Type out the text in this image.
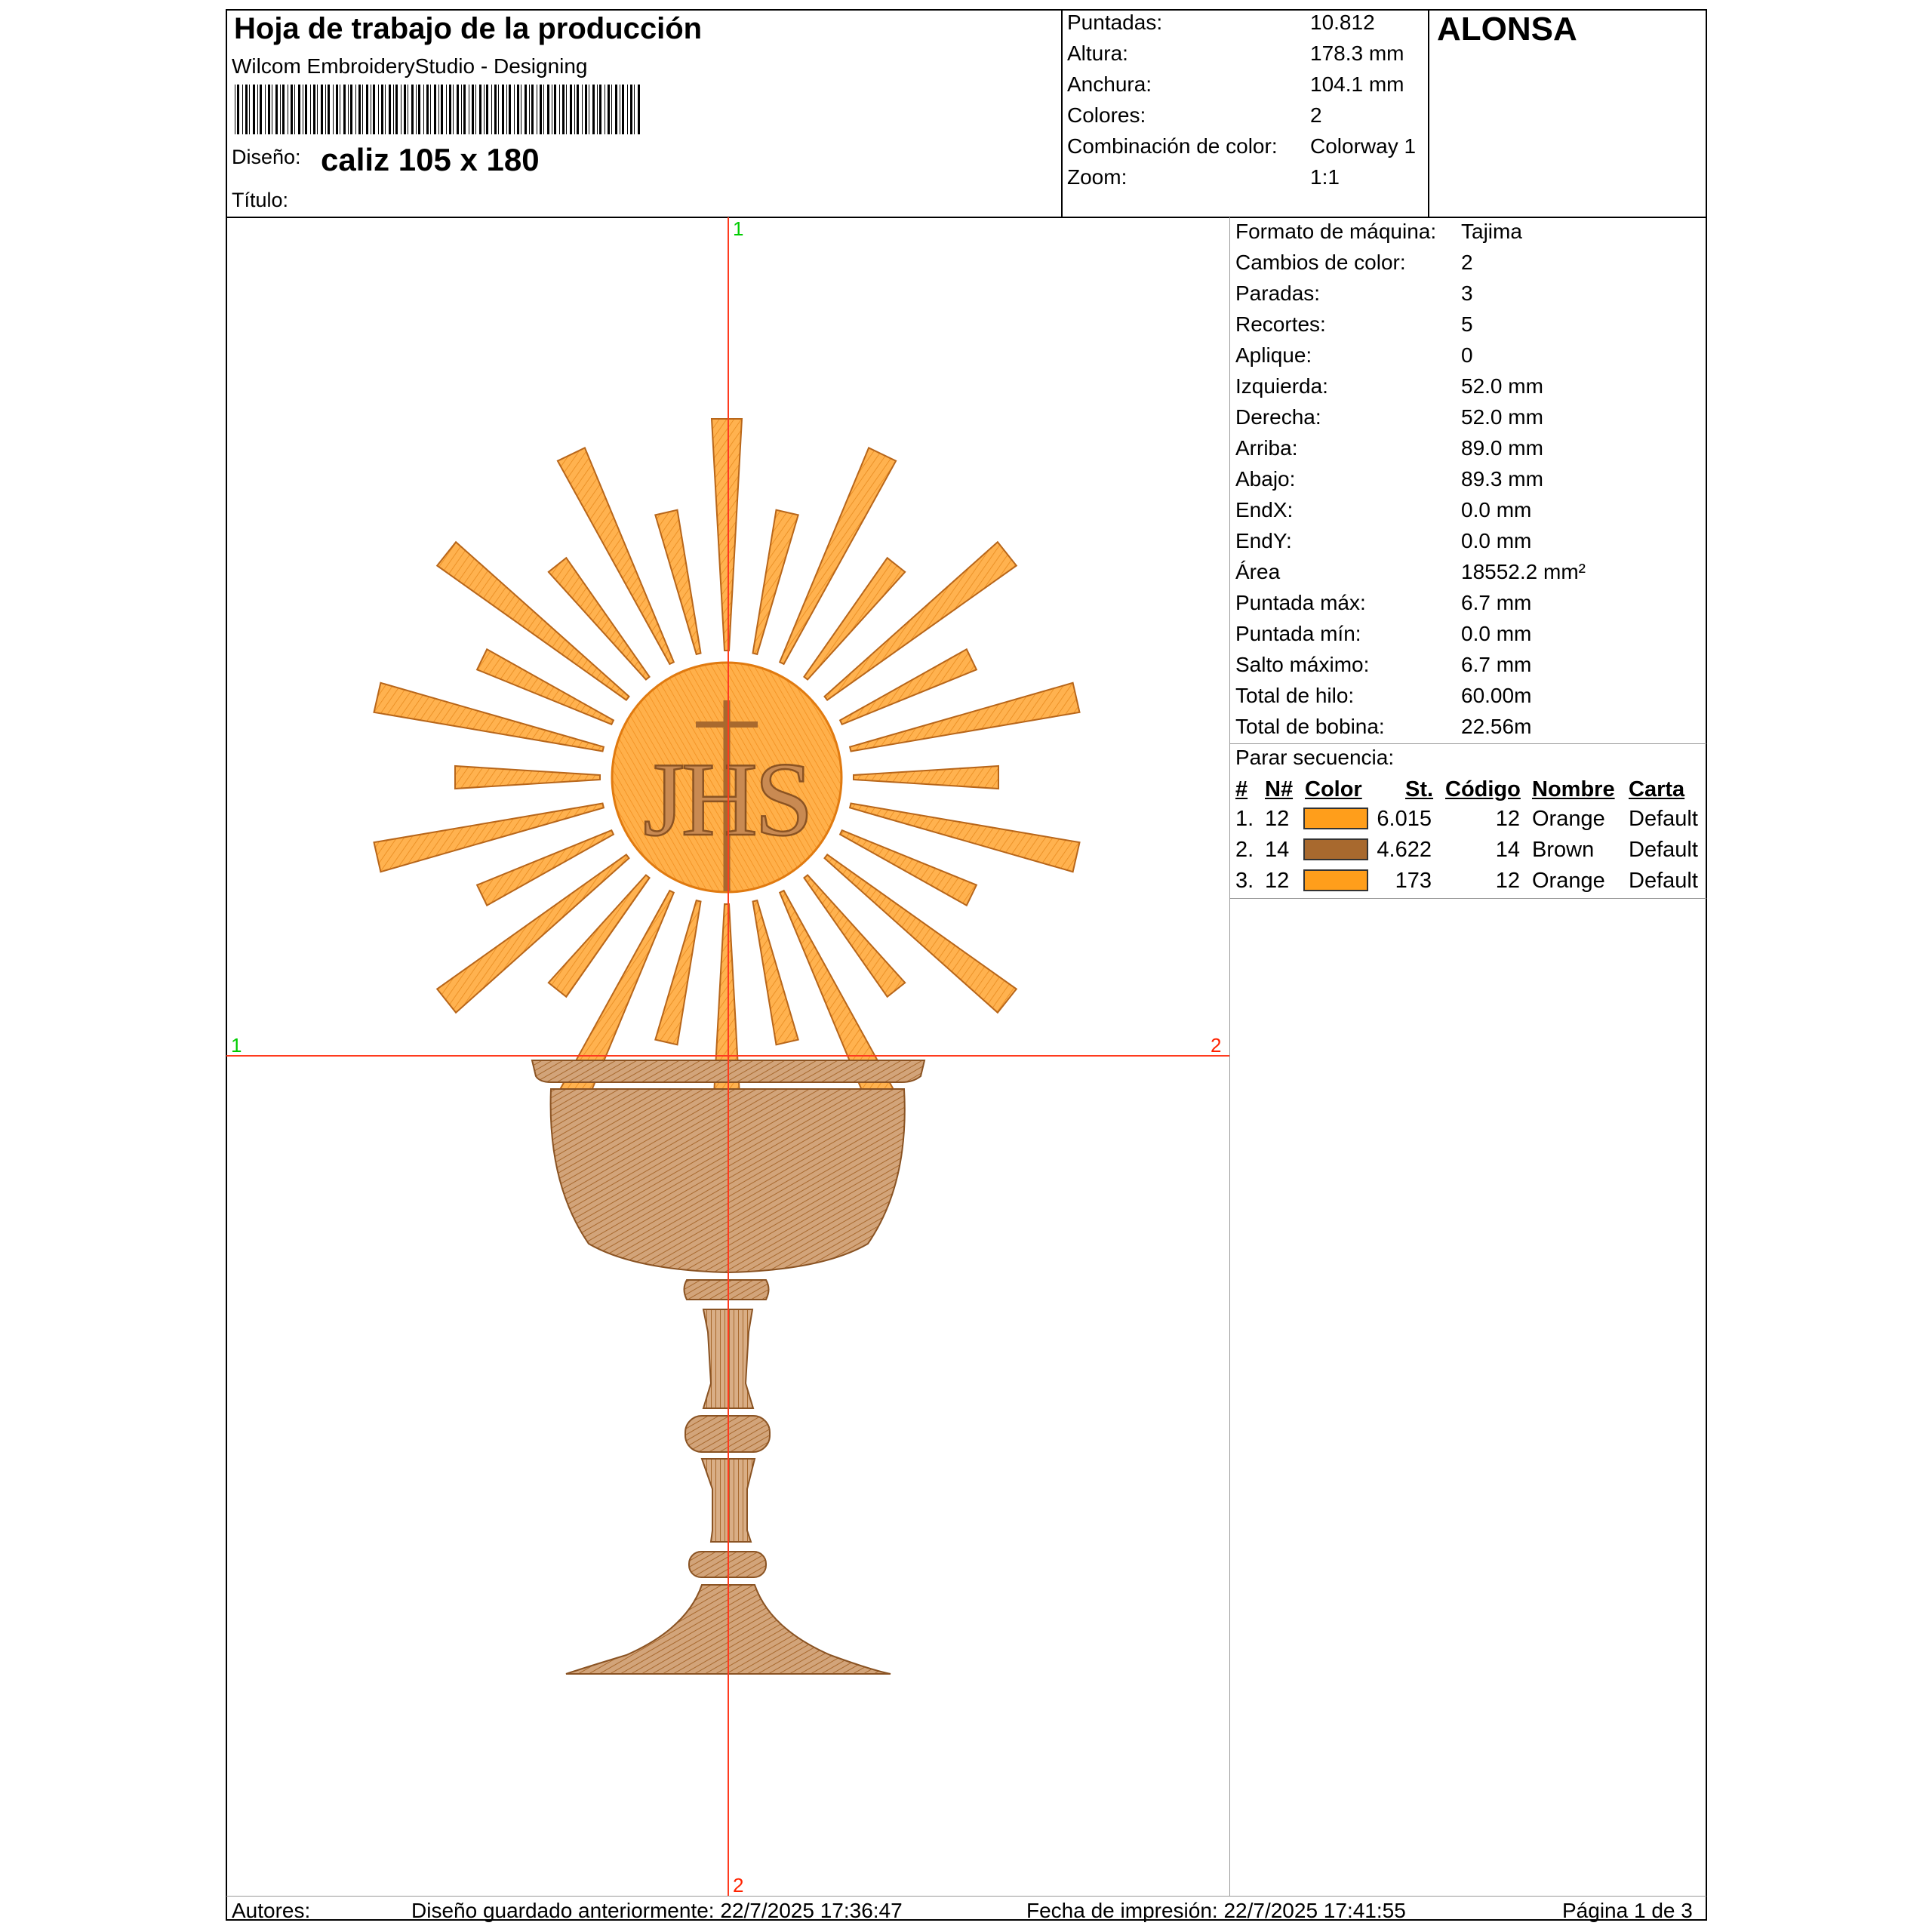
Hoja de trabajo de la producción
Wilcom EmbroideryStudio - Designing
Diseño: caliz 105 x 180
Título:
Puntadas:	10.812
Altura:	178.3 mm
Anchura:	104.1 mm
Colores:	2
Combinación de color: Colorway 1
Zoom:	1:1
ALONSA
Formato de máquina: Tajima
Cambios de color:	2
Paradas:	3
Recortes:	5
Aplique:	0
Izquierda:	52.0 mm
Derecha:	52.0 mm
Arriba:	89.0 mm
Abajo:	89.3 mm
EndX:	0.0 mm
EndY:	0.0 mm
Área	18552.2 mm²
Puntada máx:	6.7 mm
Puntada mín:	0.0 mm
Salto máximo:	6.7 mm
Total de hilo:	60.00m
Total de bobina:	22.56m
Parar secuencia:
# N# Color St. Código Nombre Carta
1. 12	6.015	12 Orange Default
2. 14	4.622	14 Brown Default
3. 12	173	12 Orange Default
JHS
1
1	2
2
Autores:	Diseño guardado anteriormente: 22/7/2025 17:36:47	Fecha de impresión: 22/7/2025 17:41:55	Página 1 de 3
